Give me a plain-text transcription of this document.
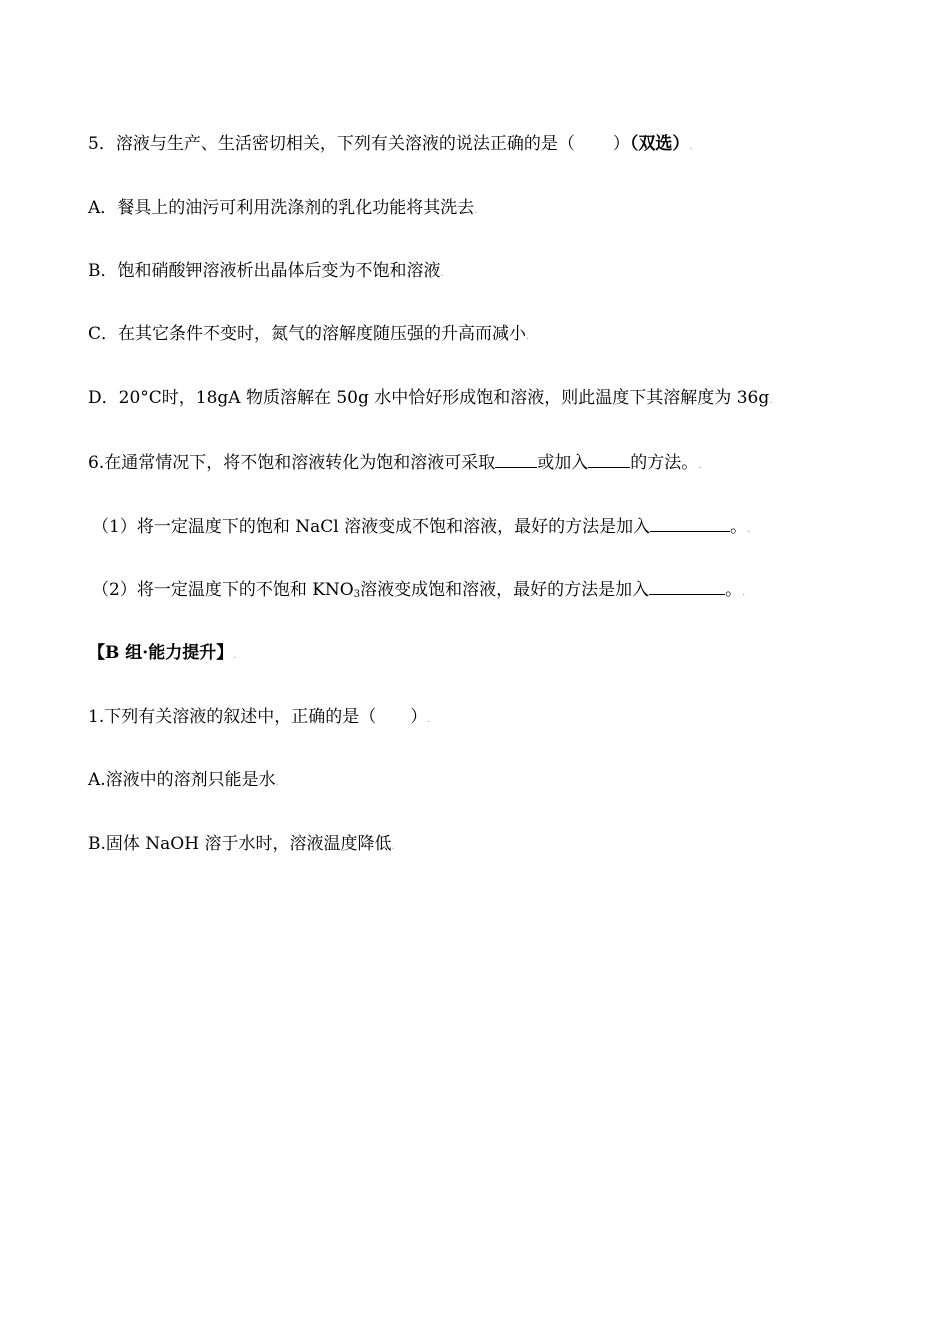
5．溶液与生产、生活密切相关，下列有关溶液的说法正确的是（ ）（双选）.
A．餐具上的油污可利用洗涤剂的乳化功能将其洗去.
B．饱和硝酸钾溶液析出晶体后变为不饱和溶液.
C．在其它条件不变时，氮气的溶解度随压强的升高而减小.
D．20°C时，18gA 物质溶解在 50g 水中恰好形成饱和溶液，则此温度下其溶解度为 36g.
6.在通常情况下，将不饱和溶液转化为饱和溶液可采取 或加入 的方法。.
（1）将一定温度下的饱和 NaCl 溶液变成不饱和溶液，最好的方法是加入	。.
（2）将一定温度下的不饱和 $KNO_3$溶液变成饱和溶液，最好的方法是加入	。.
【B 组·能力提升】.
1.下列有关溶液的叙述中，正确的是（　　）.
A.溶液中的溶剂只能是水.
B.固体 NaOH 溶于水时，溶液温度降低.
